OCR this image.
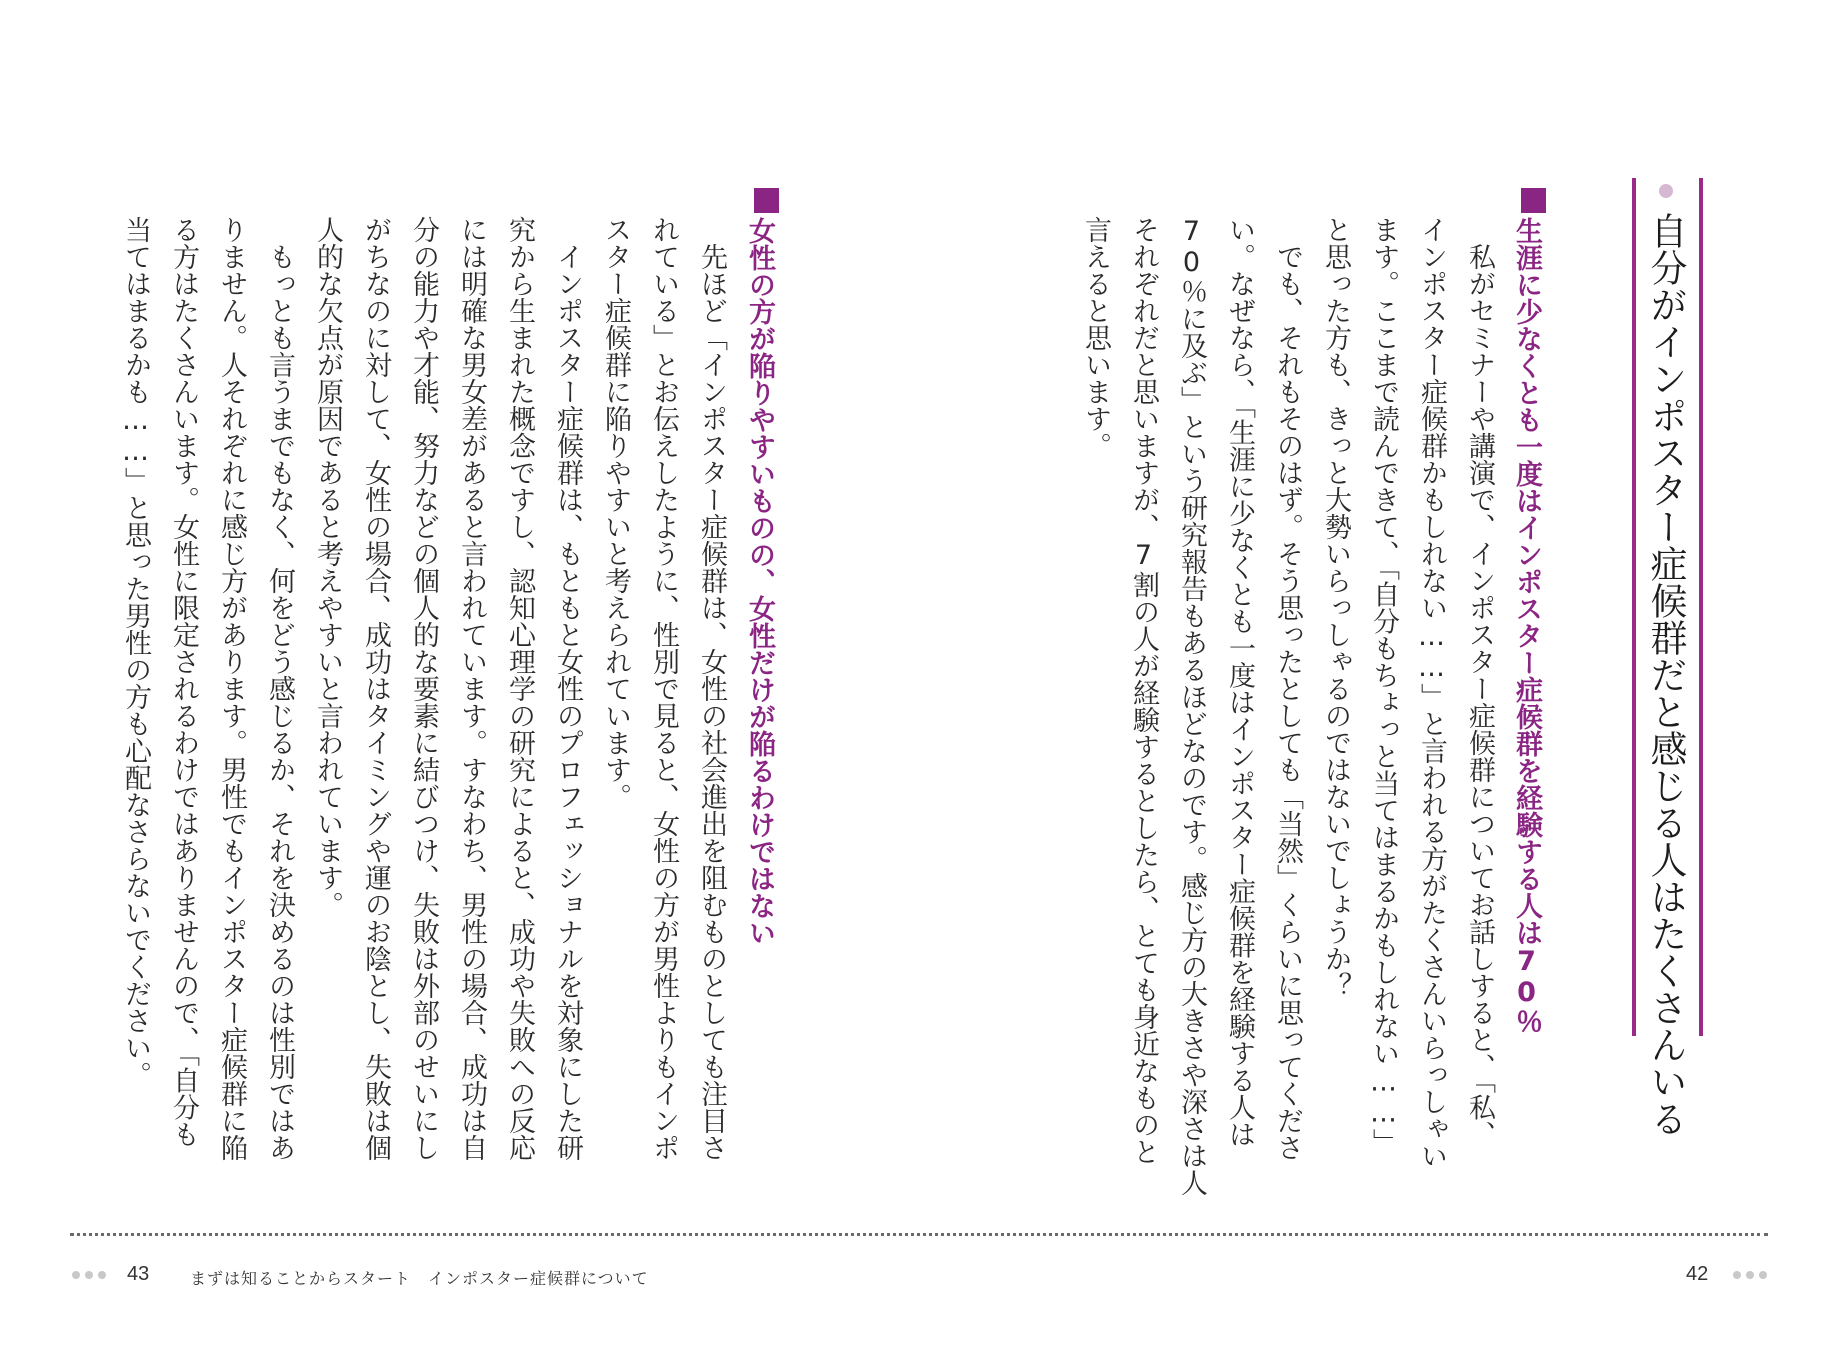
自分がインポスター症候群だと感じる人はたくさんいる
生涯に少なくとも一度はインポスター症候群を経験する人は70％
　私がセミナーや講演で、インポスター症候群についてお話しすると、「私、
インポスター症候群かもしれない……」と言われる方がたくさんいらっしゃい
ます。ここまで読んできて、「自分もちょっと当てはまるかもしれない……」
と思った方も、きっと大勢いらっしゃるのではないでしょうか？
　でも、それもそのはず。そう思ったとしても「当然」くらいに思ってくださ
い。なぜなら、「生涯に少なくとも一度はインポスター症候群を経験する人は
70％に及ぶ」という研究報告もあるほどなのです。感じ方の大きさや深さは人
それぞれだと思いますが、7割の人が経験するとしたら、とても身近なものと
言えると思います。
女性の方が陥りやすいものの、女性だけが陥るわけではない
　先ほど「インポスター症候群は、女性の社会進出を阻むものとしても注目さ
れている」とお伝えしたように、性別で見ると、女性の方が男性よりもインポ
スター症候群に陥りやすいと考えられています。
　インポスター症候群は、もともと女性のプロフェッショナルを対象にした研
究から生まれた概念ですし、認知心理学の研究によると、成功や失敗への反応
には明確な男女差があると言われています。すなわち、男性の場合、成功は自
分の能力や才能、努力などの個人的な要素に結びつけ、失敗は外部のせいにし
がちなのに対して、女性の場合、成功はタイミングや運のお陰とし、失敗は個
人的な欠点が原因であると考えやすいと言われています。
　もっとも言うまでもなく、何をどう感じるか、それを決めるのは性別ではあ
りません。人それぞれに感じ方があります。男性でもインポスター症候群に陥
る方はたくさんいます。女性に限定されるわけではありませんので、「自分も
当てはまるかも……」と思った男性の方も心配なさらないでください。
43	まずは知ることからスタート　インポスター症候群について	42
